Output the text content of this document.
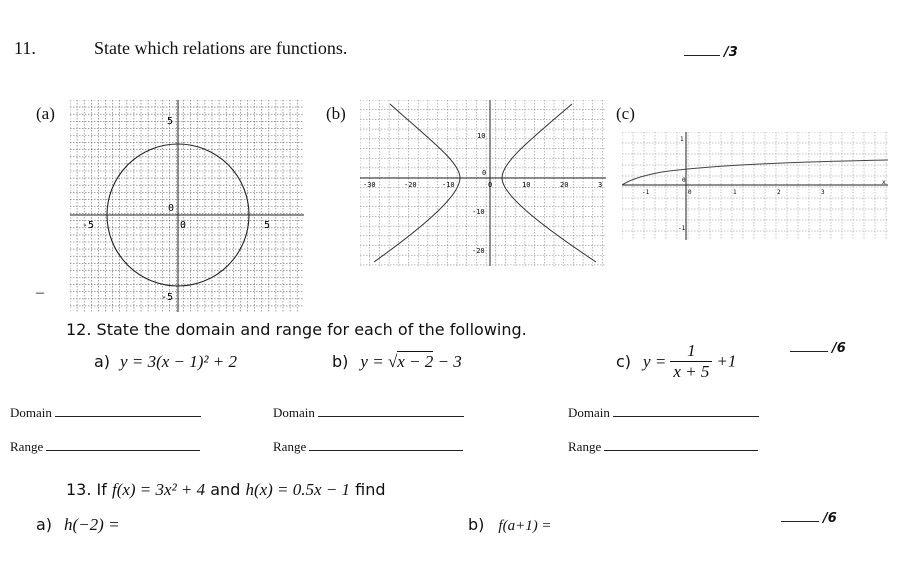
11.	State which relations are functions.	/3
(a)	(b)	(c)
–
5
-5
-5	5
0
0
-30	-20	-10	0	10	20	3
10
0
-10
-20
-1	0	1	2	3
x
1
0
-1
12. State the domain and range for each of the following.
/6
a) y = 3(x − 1)² + 2	b) y = √x − 2 − 3	c) $y = \frac{1}{x + 5} +1$
Domain
Range
Domain
Range
Domain
Range
13. If f(x) = 3x² + 4 and h(x) = 0.5x − 1 find
/6
a) h(−2) =	b) f(a+1) =
